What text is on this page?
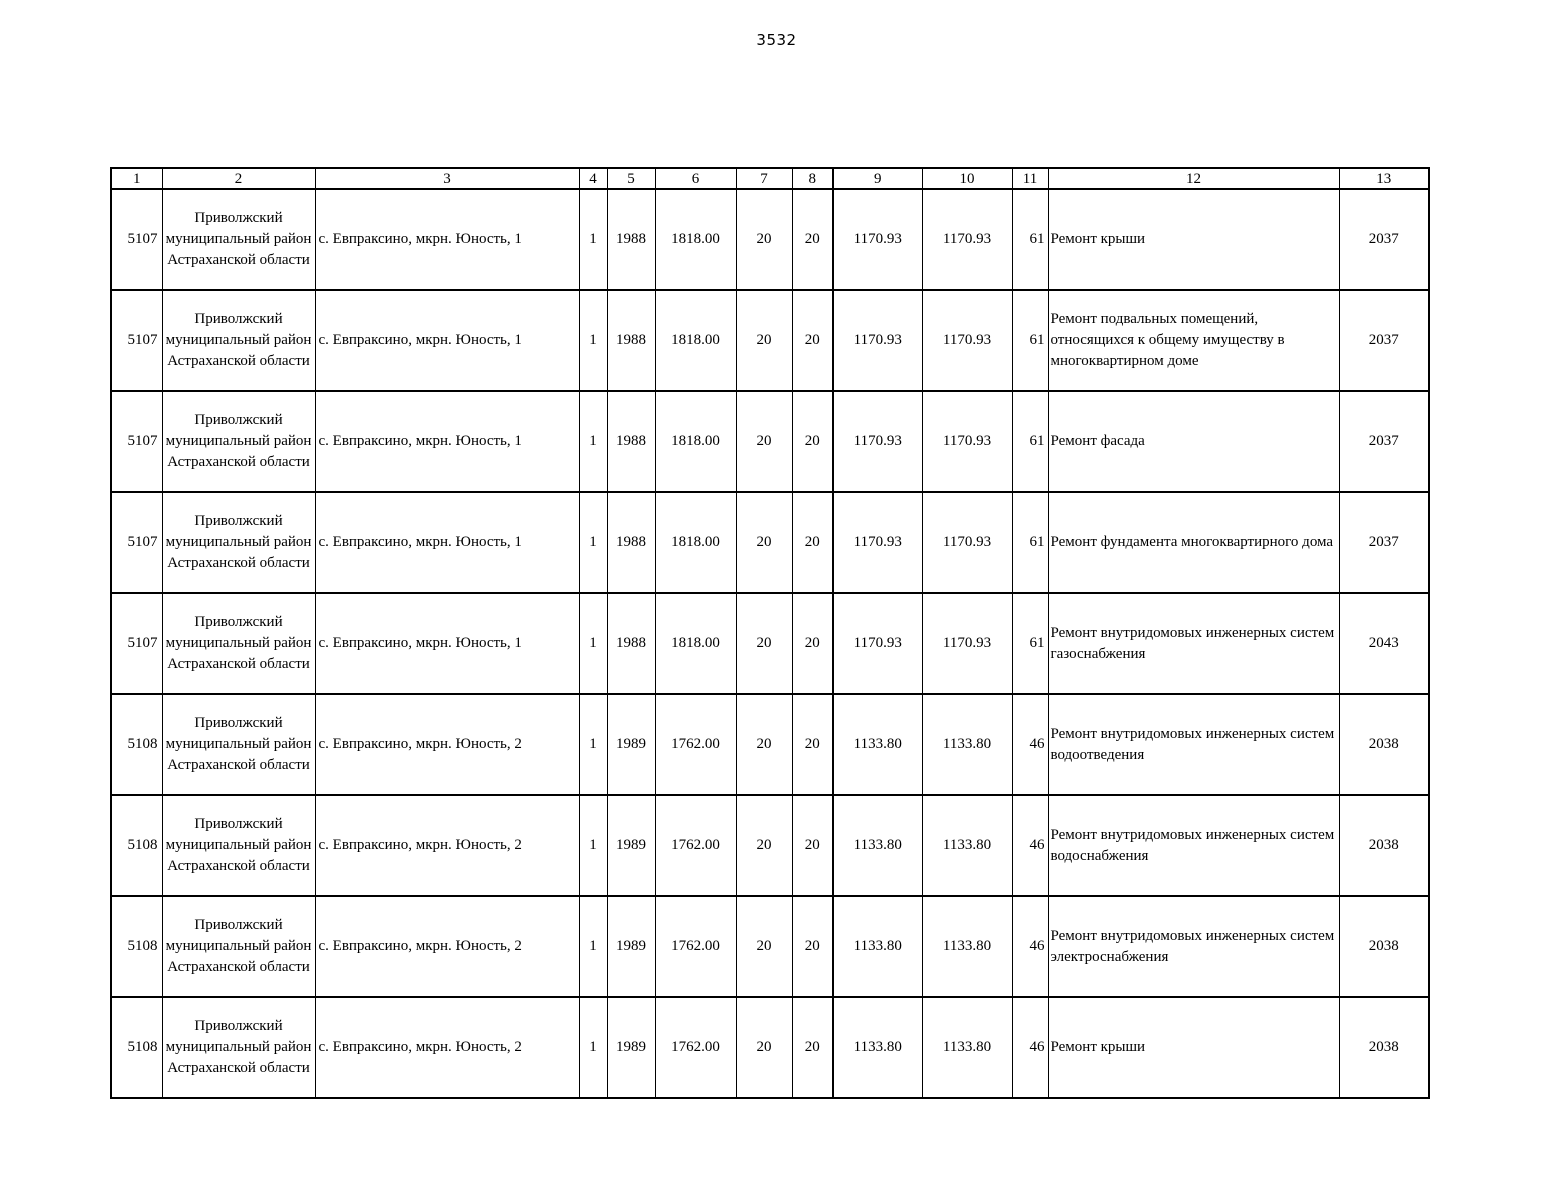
3532
1	2	3	4	5	6	7	8	9	10	11	12	13
5107	Приволжский муниципальный район Астраханской области	с. Евпраксино, мкрн. Юность, 1	1	1988	1818.00	20	20	1170.93	1170.93	61	Ремонт крыши	2037
5107	Приволжский муниципальный район Астраханской области	с. Евпраксино, мкрн. Юность, 1	1	1988	1818.00	20	20	1170.93	1170.93	61	Ремонт подвальных помещений, относящихся к общему имуществу в многоквартирном доме	2037
5107	Приволжский муниципальный район Астраханской области	с. Евпраксино, мкрн. Юность, 1	1	1988	1818.00	20	20	1170.93	1170.93	61	Ремонт фасада	2037
5107	Приволжский муниципальный район Астраханской области	с. Евпраксино, мкрн. Юность, 1	1	1988	1818.00	20	20	1170.93	1170.93	61	Ремонт фундамента многоквартирного дома	2037
5107	Приволжский муниципальный район Астраханской области	с. Евпраксино, мкрн. Юность, 1	1	1988	1818.00	20	20	1170.93	1170.93	61	Ремонт внутридомовых инженерных систем газоснабжения	2043
5108	Приволжский муниципальный район Астраханской области	с. Евпраксино, мкрн. Юность, 2	1	1989	1762.00	20	20	1133.80	1133.80	46	Ремонт внутридомовых инженерных систем водоотведения	2038
5108	Приволжский муниципальный район Астраханской области	с. Евпраксино, мкрн. Юность, 2	1	1989	1762.00	20	20	1133.80	1133.80	46	Ремонт внутридомовых инженерных систем водоснабжения	2038
5108	Приволжский муниципальный район Астраханской области	с. Евпраксино, мкрн. Юность, 2	1	1989	1762.00	20	20	1133.80	1133.80	46	Ремонт внутридомовых инженерных систем электроснабжения	2038
5108	Приволжский муниципальный район Астраханской области	с. Евпраксино, мкрн. Юность, 2	1	1989	1762.00	20	20	1133.80	1133.80	46	Ремонт крыши	2038
